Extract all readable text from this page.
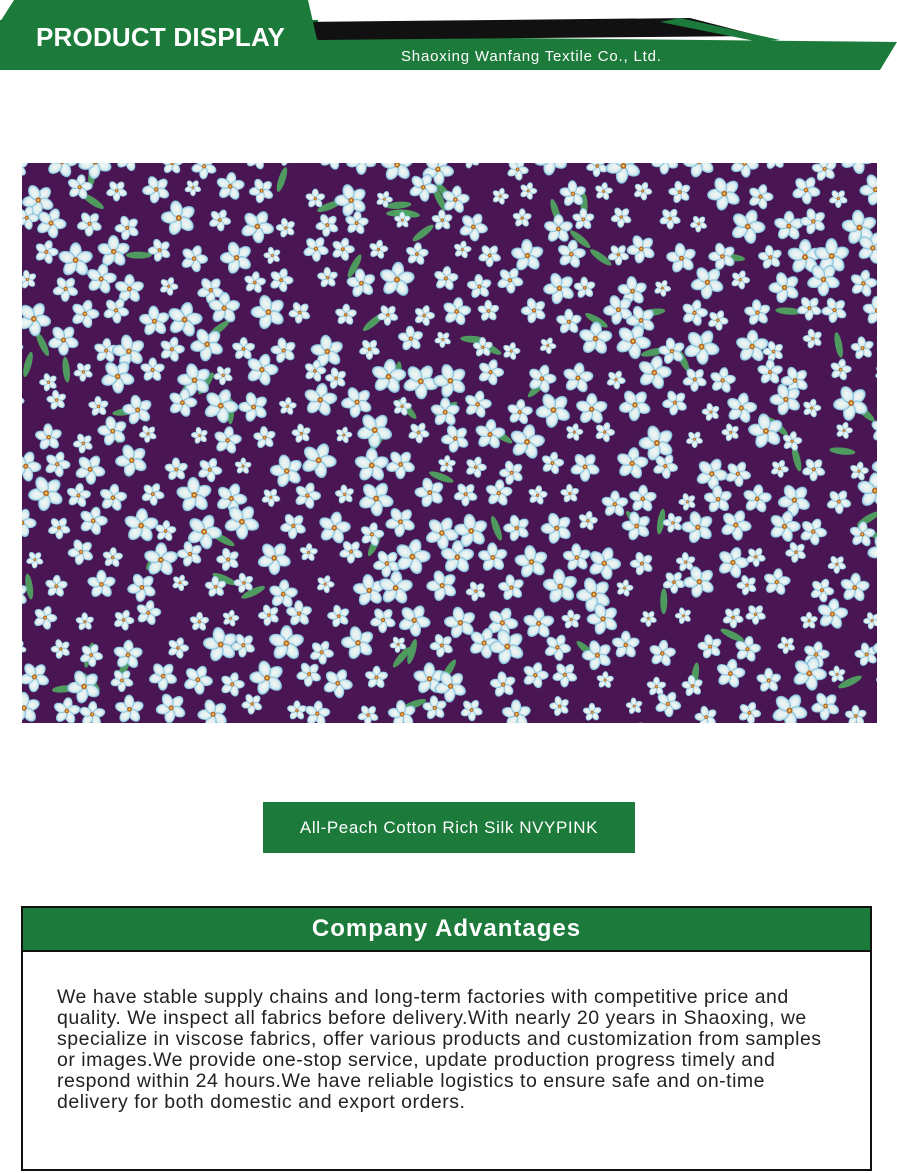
PRODUCT DISPLAY
Shaoxing Wanfang Textile Co., Ltd.
All-Peach Cotton Rich Silk NVYPINK
Company Advantages
We have stable supply chains and long-term factories with competitive price and quality. We inspect all fabrics before delivery.With nearly 20 years in Shaoxing, we specialize in viscose fabrics, offer various products and customization from samples or images.We provide one-stop service, update production progress timely and respond within 24 hours.We have reliable logistics to ensure safe and on-time delivery for both domestic and export orders.
